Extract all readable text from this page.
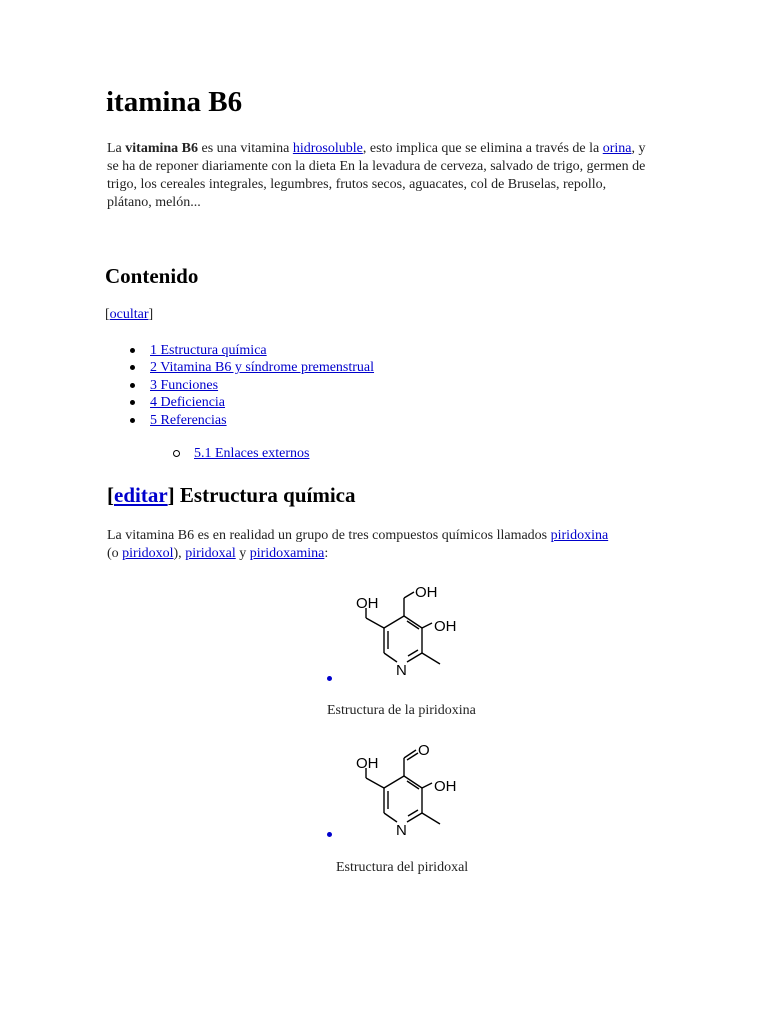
itamina B6

La vitamina B6 es una vitamina hidrosoluble, esto implica que se elimina a través de la orina, y se ha de reponer diariamente con la dieta En la levadura de cerveza, salvado de trigo, germen de trigo, los cereales integrales, legumbres, frutos secos, aguacates, col de Bruselas, repollo, plátano, melón...

Contenido
[ocultar]
1 Estructura química
2 Vitamina B6 y síndrome premenstrual
3 Funciones
4 Deficiencia
5 Referencias
5.1 Enlaces externos
[editar] Estructura química

La vitamina B6 es en realidad un grupo de tres compuestos químicos llamados piridoxina
(o piridoxol), piridoxal y piridoxamina:

OH
OH
OH
N
Estructura de la piridoxina
OH
O
OH
N
Estructura del piridoxal
